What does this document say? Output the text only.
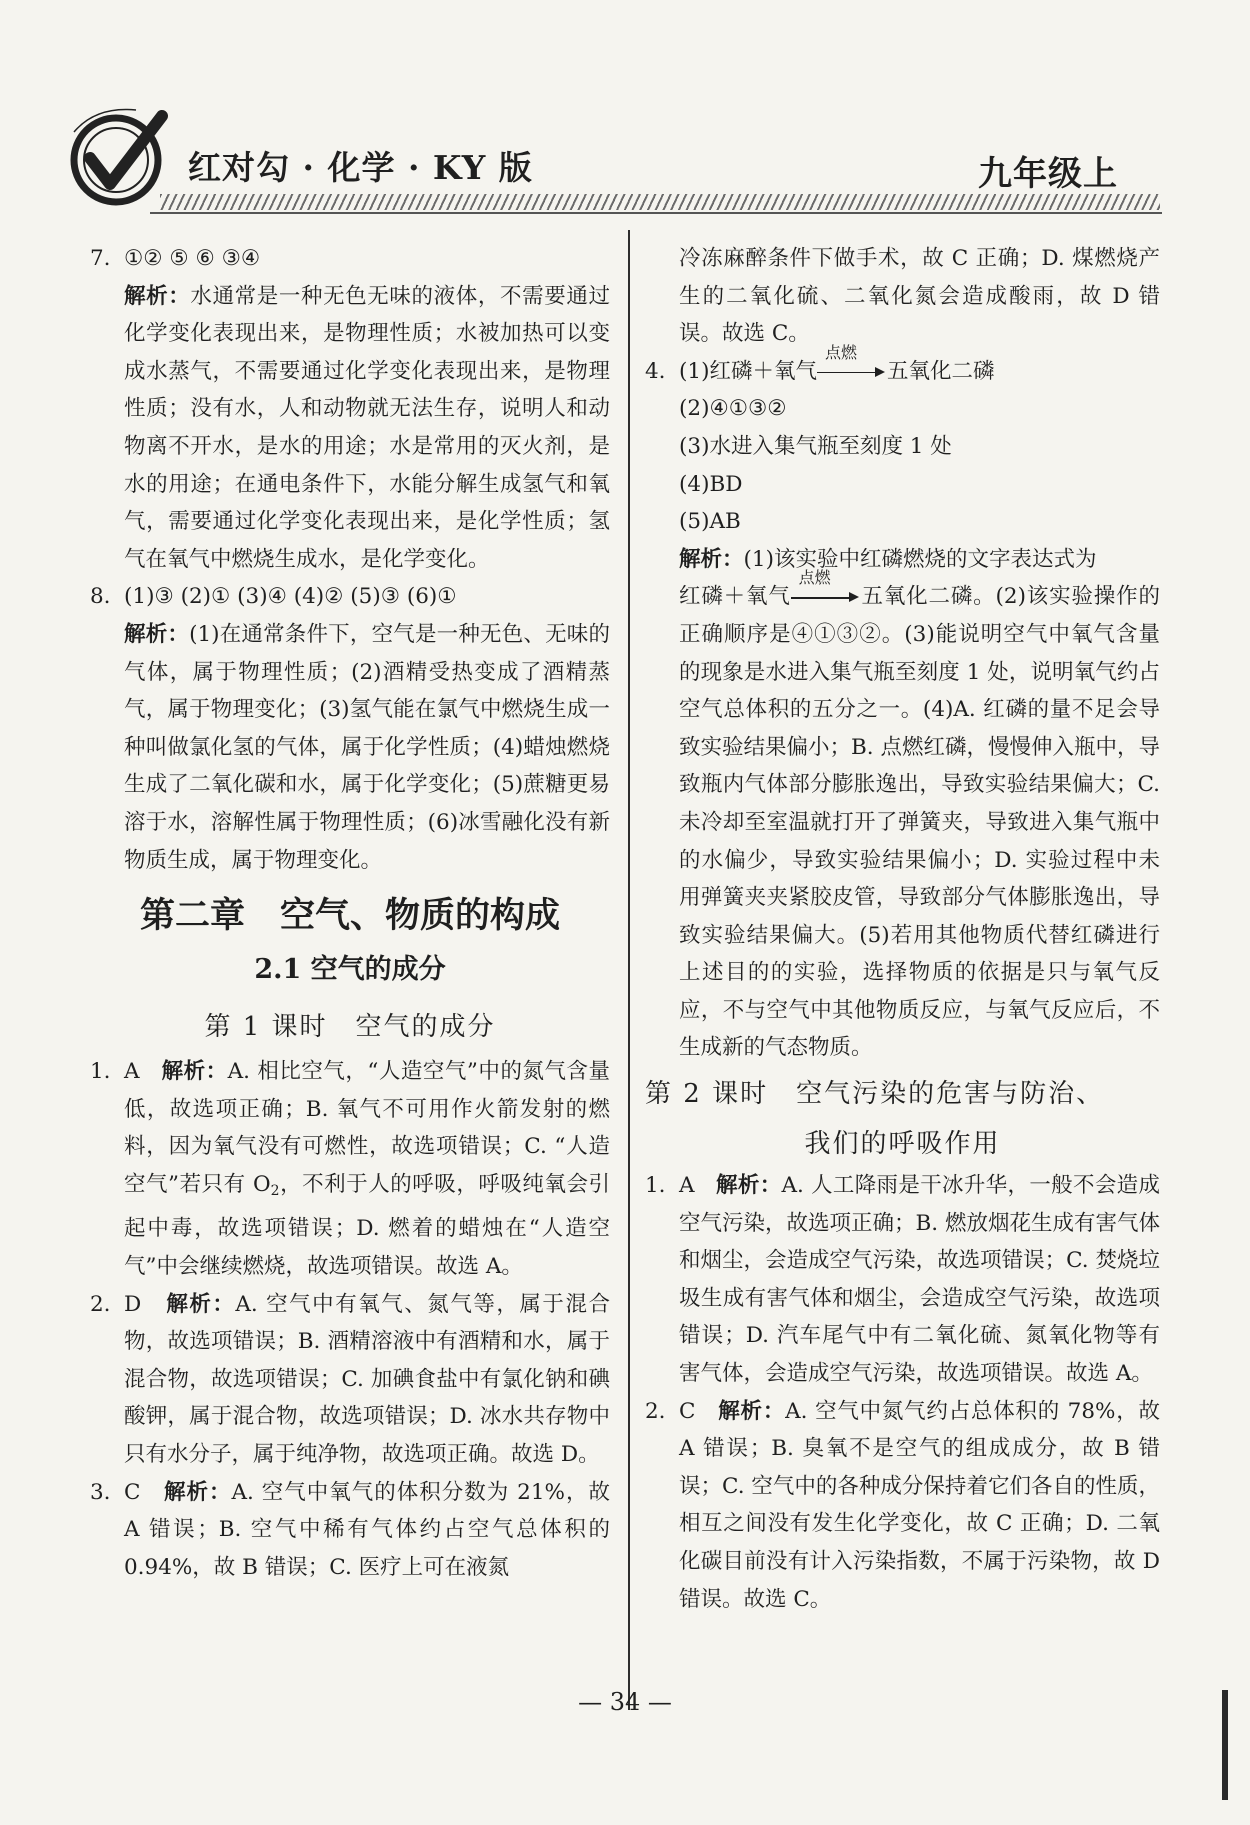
红对勾 · 化学 · KY 版	九年级上
7. ①② ⑤ ⑥ ③④

解析：水通常是一种无色无味的液体，不需要通过化学变化表现出来，是物理性质；水被加热可以变成水蒸气，不需要通过化学变化表现出来，是物理性质；没有水，人和动物就无法生存，说明人和动物离不开水，是水的用途；水是常用的灭火剂，是水的用途；在通电条件下，水能分解生成氢气和氧气，需要通过化学变化表现出来，是化学性质；氢气在氧气中燃烧生成水，是化学变化。

8. (1)③ (2)① (3)④ (4)② (5)③ (6)①

解析：(1)在通常条件下，空气是一种无色、无味的气体，属于物理性质；(2)酒精受热变成了酒精蒸气，属于物理变化；(3)氢气能在氯气中燃烧生成一种叫做氯化氢的气体，属于化学性质；(4)蜡烛燃烧生成了二氧化碳和水，属于化学变化；(5)蔗糖更易溶于水，溶解性属于物理性质；(6)冰雪融化没有新物质生成，属于物理变化。

第二章　空气、物质的构成
2.1 空气的成分
第 1 课时　空气的成分
1. A 解析：A. 相比空气，“人造空气”中的氮气含量低，故选项正确；B. 氧气不可用作火箭发射的燃料，因为氧气没有可燃性，故选项错误；C. “人造空气”若只有 O2，不利于人的呼吸，呼吸纯氧会引起中毒，故选项错误；D. 燃着的蜡烛在“人造空气”中会继续燃烧，故选项错误。故选 A。

2. D 解析：A. 空气中有氧气、氮气等，属于混合物，故选项错误；B. 酒精溶液中有酒精和水，属于混合物，故选项错误；C. 加碘食盐中有氯化钠和碘酸钾，属于混合物，故选项错误；D. 冰水共存物中只有水分子，属于纯净物，故选项正确。故选 D。

3. C 解析：A. 空气中氧气的体积分数为 21%，故 A 错误；B. 空气中稀有气体约占空气总体积的 0.94%，故 B 错误；C. 医疗上可在液氮

冷冻麻醉条件下做手术，故 C 正确；D. 煤燃烧产生的二氧化硫、二氧化氮会造成酸雨，故 D 错误。故选 C。

4. (1)红磷＋氧气
点燃
五氧化二磷

(2)④①③②

(3)水进入集气瓶至刻度 1 处

(4)BD

(5)AB

解析：(1)该实验中红磷燃烧的文字表达式为
红磷＋氧气
点燃
五氧化二磷。(2)该实验操作的正确顺序是④①③②。(3)能说明空气中氧气含量的现象是水进入集气瓶至刻度 1 处，说明氧气约占空气总体积的五分之一。(4)A. 红磷的量不足会导致实验结果偏小；B. 点燃红磷，慢慢伸入瓶中，导致瓶内气体部分膨胀逸出，导致实验结果偏大；C. 未冷却至室温就打开了弹簧夹，导致进入集气瓶中的水偏少，导致实验结果偏小；D. 实验过程中未用弹簧夹夹紧胶皮管，导致部分气体膨胀逸出，导致实验结果偏大。(5)若用其他物质代替红磷进行上述目的的实验，选择物质的依据是只与氧气反应，不与空气中其他物质反应，与氧气反应后，不生成新的气态物质。

第 2 课时　空气污染的危害与防治、
我们的呼吸作用
1. A 解析：A. 人工降雨是干冰升华，一般不会造成空气污染，故选项正确；B. 燃放烟花生成有害气体和烟尘，会造成空气污染，故选项错误；C. 焚烧垃圾生成有害气体和烟尘，会造成空气污染，故选项错误；D. 汽车尾气中有二氧化硫、氮氧化物等有害气体，会造成空气污染，故选项错误。故选 A。

2. C 解析：A. 空气中氮气约占总体积的 78%，故 A 错误；B. 臭氧不是空气的组成成分，故 B 错误；C. 空气中的各种成分保持着它们各自的性质，相互之间没有发生化学变化，故 C 正确；D. 二氧化碳目前没有计入污染指数，不属于污染物，故 D 错误。故选 C。

— 34 —
